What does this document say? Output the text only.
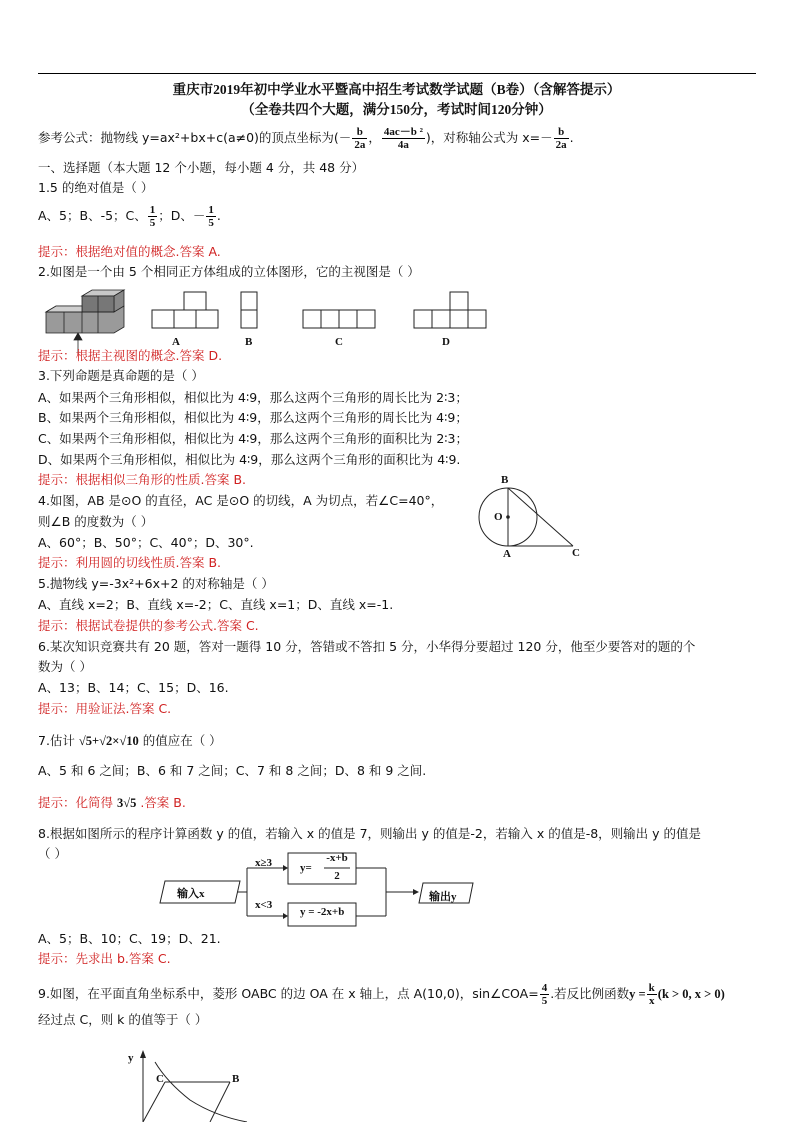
重庆市2019年初中学业水平暨高中招生考试数学试题（B卷）（含解答提示）
（全卷共四个大题，满分150分，考试时间120分钟）
参考公式：抛物线 y=ax²+bx+c(a≠0)的顶点坐标为(－ $\frac{b}{2a}$ ， $\frac{\text{4ac－b ²}}{4a}$ )，对称轴公式为 $x=- \frac{b}{2a}$ .
一、选择题（本大题 12 个小题，每小题 4 分，共 48 分）
1.5 的绝对值是（ ）
A、5；B、-5；C、 $\frac{1}{5}$ ；D、－ $\frac{1}{5}$ .
提示：根据绝对值的概念.答案 A.
2.如图是一个由 5 个相同正方体组成的立体图形，它的主视图是（ ）
A	B	C	D
提示：根据主视图的概念.答案 D.
3.下列命题是真命题的是（ ）
A、如果两个三角形相似，相似比为 4∶9，那么这两个三角形的周长比为 2∶3；
B、如果两个三角形相似，相似比为 4∶9，那么这两个三角形的周长比为 4∶9；
C、如果两个三角形相似，相似比为 4∶9，那么这两个三角形的面积比为 2∶3；
D、如果两个三角形相似，相似比为 4∶9，那么这两个三角形的面积比为 4∶9.
提示：根据相似三角形的性质.答案 B.
4.如图，AB 是⊙O 的直径，AC 是⊙O 的切线，A 为切点，若∠C=40°，
则∠B 的度数为（ ）
A、60°；B、50°；C、40°；D、30°.
提示：利用圆的切线性质.答案 B.
B
O
A	C
5.抛物线 y=-3x²+6x+2 的对称轴是（ ）
A、直线 x=2；B、直线 x=-2；C、直线 x=1；D、直线 x=-1.
提示：根据试卷提供的参考公式.答案 C.
6.某次知识竞赛共有 20 题，答对一题得 10 分，答错或不答扣 5 分，小华得分要超过 120 分，他至少要答对的题的个
数为（ ）
A、13；B、14；C、15；D、16.
提示：用验证法.答案 C.
7.估计 √5+√2×√10 的值应在（ ）
A、5 和 6 之间；B、6 和 7 之间；C、7 和 8 之间；D、8 和 9 之间.
提示：化简得 3√5 .答案 B.
8.根据如图所示的程序计算函数 y 的值，若输入 x 的值是 7，则输出 y 的值是-2，若输入 x 的值是-8，则输出 y 的值是
（ ）
输入x
x≥3
x<3
y=
-x+b
2
y = -2x+b
输出y
A、5；B、10；C、19；D、21.
提示：先求出 b.答案 C.
9.如图，在平面直角坐标系中，菱形 OABC 的边 OA 在 x 轴上，点 A(10,0)，sin∠COA= $\frac{4}{5}$ .若反比例函数$y = \frac{k}{x} (k > 0$, x > 0)
经过点 C，则 k 的值等于（ ）
y
C	B
